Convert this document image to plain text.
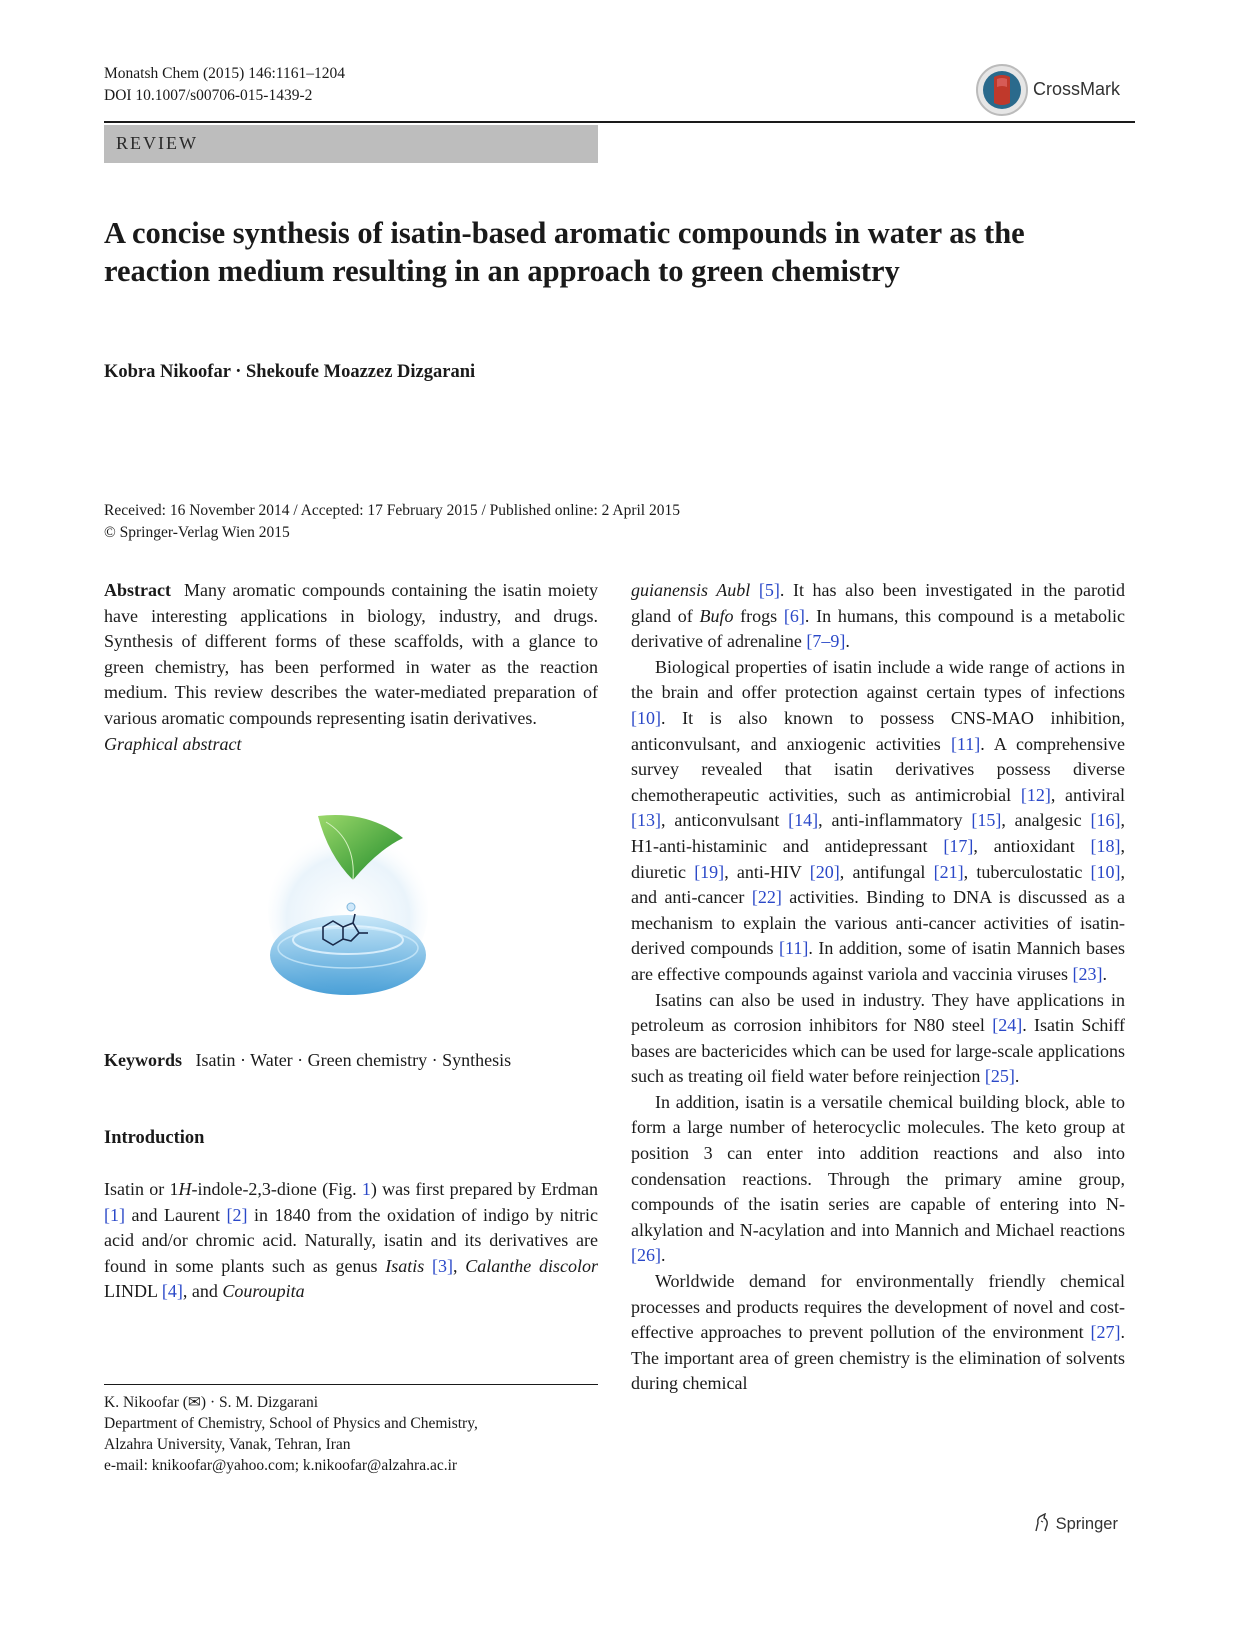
Monatsh Chem (2015) 146:1161–1204
DOI 10.1007/s00706-015-1439-2	CrossMark
REVIEW
A concise synthesis of isatin-based aromatic compounds in water as the reaction medium resulting in an approach to green chemistry
Kobra Nikoofar · Shekoufe Moazzez Dizgarani
Received: 16 November 2014 / Accepted: 17 February 2015 / Published online: 2 April 2015
© Springer-Verlag Wien 2015

Abstract Many aromatic compounds containing the isatin moiety have interesting applications in biology, industry, and drugs. Synthesis of different forms of these scaffolds, with a glance to green chemistry, has been performed in water as the reaction medium. This review describes the water-mediated preparation of various aromatic compounds representing isatin derivatives.

Graphical abstract

Keywords Isatin · Water · Green chemistry · Synthesis
Introduction

Isatin or 1H-indole-2,3-dione (Fig. 1) was first prepared by Erdman [1] and Laurent [2] in 1840 from the oxidation of indigo by nitric acid and/or chromic acid. Naturally, isatin and its derivatives are found in some plants such as genus Isatis [3], Calanthe discolor LINDL [4], and Couroupita

K. Nikoofar (✉) · S. M. Dizgarani
Department of Chemistry, School of Physics and Chemistry,
Alzahra University, Vanak, Tehran, Iran
e-mail: knikoofar@yahoo.com; k.nikoofar@alzahra.ac.ir

guianensis Aubl [5]. It has also been investigated in the parotid gland of Bufo frogs [6]. In humans, this compound is a metabolic derivative of adrenaline [7–9].

Biological properties of isatin include a wide range of actions in the brain and offer protection against certain types of infections [10]. It is also known to possess CNS-MAO inhibition, anticonvulsant, and anxiogenic activities [11]. A comprehensive survey revealed that isatin derivatives possess diverse chemotherapeutic activities, such as antimicrobial [12], antiviral [13], anticonvulsant [14], anti-inflammatory [15], analgesic [16], H1-anti-histaminic and antidepressant [17], antioxidant [18], diuretic [19], anti-HIV [20], antifungal [21], tuberculostatic [10], and anti-cancer [22] activities. Binding to DNA is discussed as a mechanism to explain the various anti-cancer activities of isatin-derived compounds [11]. In addition, some of isatin Mannich bases are effective compounds against variola and vaccinia viruses [23].

Isatins can also be used in industry. They have applications in petroleum as corrosion inhibitors for N80 steel [24]. Isatin Schiff bases are bactericides which can be used for large-scale applications such as treating oil field water before reinjection [25].

In addition, isatin is a versatile chemical building block, able to form a large number of heterocyclic molecules. The keto group at position 3 can enter into addition reactions and also into condensation reactions. Through the primary amine group, compounds of the isatin series are capable of entering into N-alkylation and N-acylation and into Mannich and Michael reactions [26].

Worldwide demand for environmentally friendly chemical processes and products requires the development of novel and cost-effective approaches to prevent pollution of the environment [27]. The important area of green chemistry is the elimination of solvents during chemical

Springer
